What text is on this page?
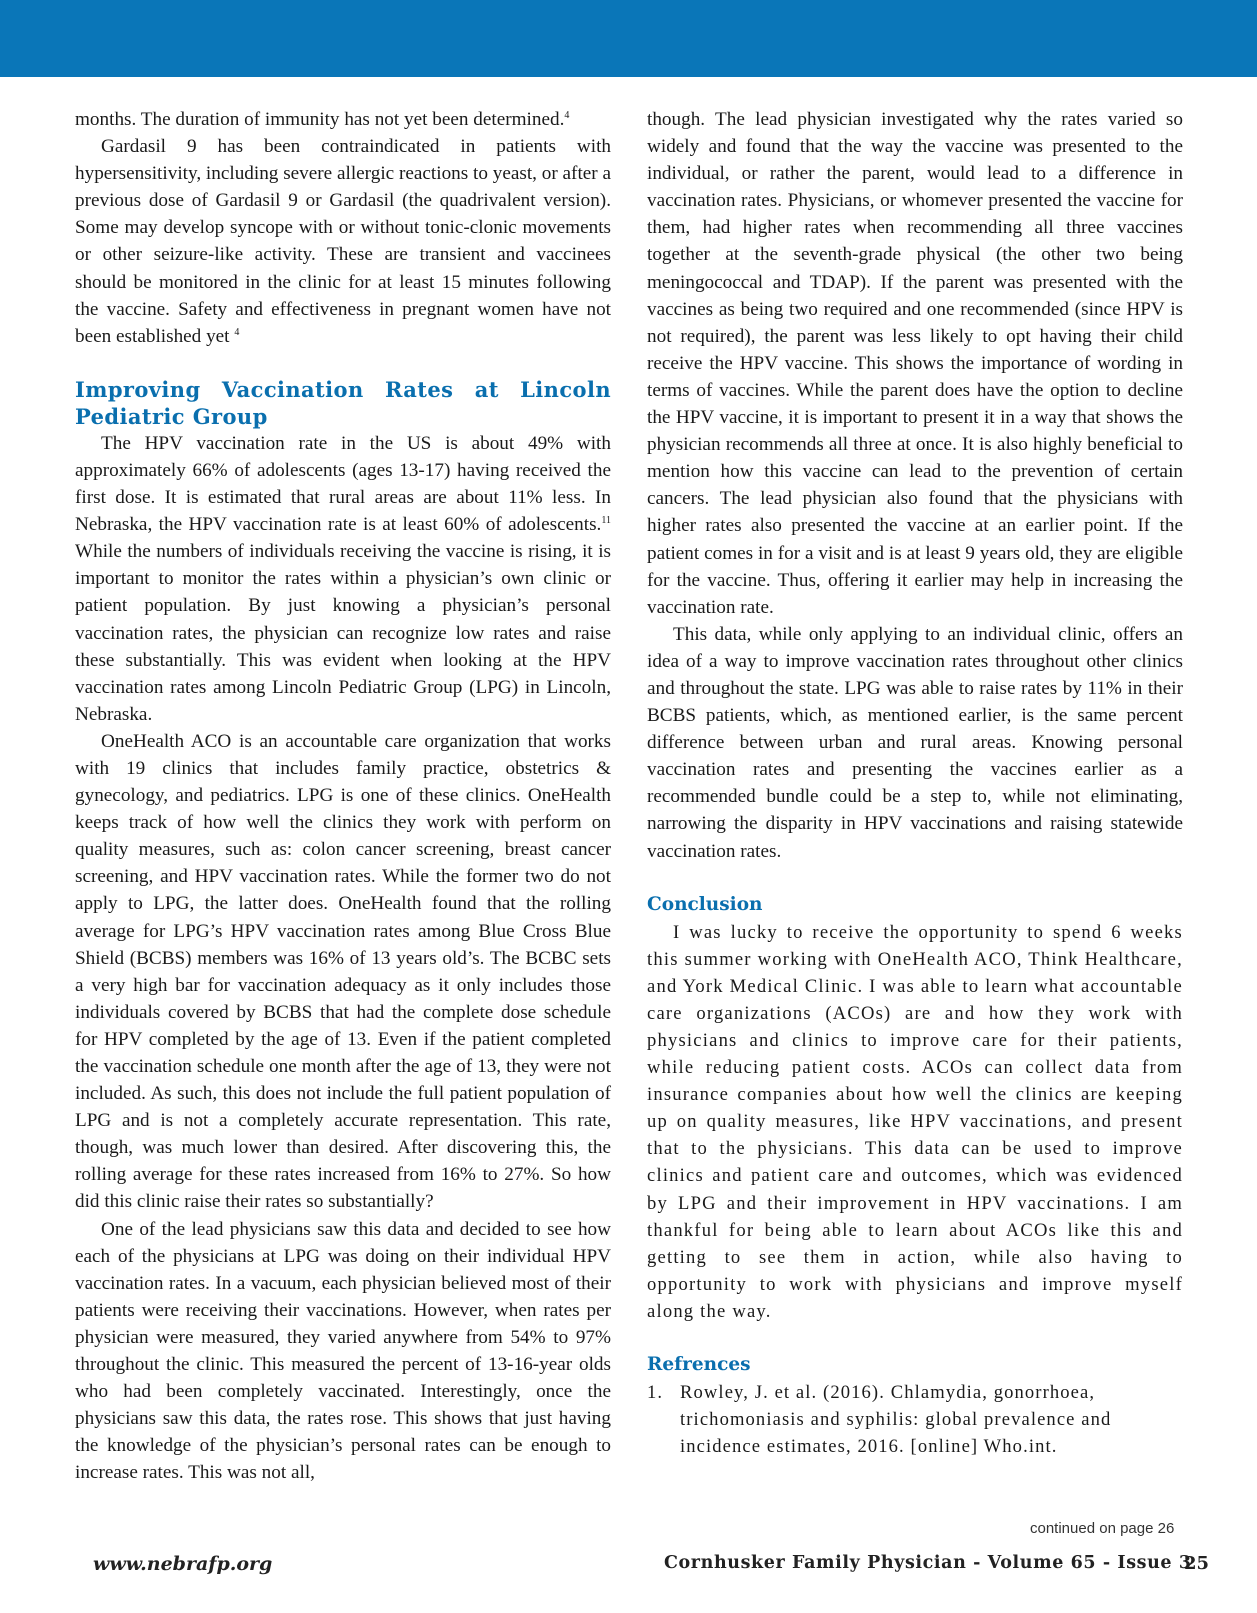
months. The duration of immunity has not yet been determined.$^4$

Gardasil 9 has been contraindicated in patients with hypersensitivity, including severe allergic reactions to yeast, or after a previous dose of Gardasil 9 or Gardasil (the quadrivalent version). Some may develop syncope with or without tonic-clonic movements or other seizure-like activity. These are transient and vaccinees should be monitored in the clinic for at least 15 minutes following the vaccine. Safety and effectiveness in pregnant women have not been established yet $^4$

Improving Vaccination Rates at Lincoln Pediatric Group

The HPV vaccination rate in the US is about 49% with approximately 66% of adolescents (ages 13-17) having received the first dose. It is estimated that rural areas are about 11% less. In Nebraska, the HPV vaccination rate is at least 60% of adolescents.$^{11}$ While the numbers of individuals receiving the vaccine is rising, it is important to monitor the rates within a physician’s own clinic or patient population. By just knowing a physician’s personal vaccination rates, the physician can recognize low rates and raise these substantially. This was evident when looking at the HPV vaccination rates among Lincoln Pediatric Group (LPG) in Lincoln, Nebraska.

OneHealth ACO is an accountable care organization that works with 19 clinics that includes family practice, obstetrics & gynecology, and pediatrics. LPG is one of these clinics. OneHealth keeps track of how well the clinics they work with perform on quality measures, such as: colon cancer screening, breast cancer screening, and HPV vaccination rates. While the former two do not apply to LPG, the latter does. OneHealth found that the rolling average for LPG’s HPV vaccination rates among Blue Cross Blue Shield (BCBS) members was 16% of 13 years old’s. The BCBC sets a very high bar for vaccination adequacy as it only includes those individuals covered by BCBS that had the complete dose schedule for HPV completed by the age of 13. Even if the patient completed the vaccination schedule one month after the age of 13, they were not included. As such, this does not include the full patient population of LPG and is not a completely accurate representation. This rate, though, was much lower than desired. After discovering this, the rolling average for these rates increased from 16% to 27%. So how did this clinic raise their rates so substantially?

One of the lead physicians saw this data and decided to see how each of the physicians at LPG was doing on their individual HPV vaccination rates. In a vacuum, each physician believed most of their patients were receiving their vaccinations. However, when rates per physician were measured, they varied anywhere from 54% to 97% throughout the clinic. This measured the percent of 13-16-year olds who had been completely vaccinated. Interestingly, once the physicians saw this data, the rates rose. This shows that just having the knowledge of the physician’s personal rates can be enough to increase rates. This was not all,

though. The lead physician investigated why the rates varied so widely and found that the way the vaccine was presented to the individual, or rather the parent, would lead to a difference in vaccination rates. Physicians, or whomever presented the vaccine for them, had higher rates when recommending all three vaccines together at the seventh-grade physical (the other two being meningococcal and TDAP). If the parent was presented with the vaccines as being two required and one recommended (since HPV is not required), the parent was less likely to opt having their child receive the HPV vaccine. This shows the importance of wording in terms of vaccines. While the parent does have the option to decline the HPV vaccine, it is important to present it in a way that shows the physician recommends all three at once. It is also highly beneficial to mention how this vaccine can lead to the prevention of certain cancers. The lead physician also found that the physicians with higher rates also presented the vaccine at an earlier point. If the patient comes in for a visit and is at least 9 years old, they are eligible for the vaccine. Thus, offering it earlier may help in increasing the vaccination rate.

This data, while only applying to an individual clinic, offers an idea of a way to improve vaccination rates throughout other clinics and throughout the state. LPG was able to raise rates by 11% in their BCBS patients, which, as mentioned earlier, is the same percent difference between urban and rural areas. Knowing personal vaccination rates and presenting the vaccines earlier as a recommended bundle could be a step to, while not eliminating, narrowing the disparity in HPV vaccinations and raising statewide vaccination rates.

Conclusion

I was lucky to receive the opportunity to spend 6 weeks this summer working with OneHealth ACO, Think Healthcare, and York Medical Clinic. I was able to learn what accountable care organizations (ACOs) are and how they work with physicians and clinics to improve care for their patients, while reducing patient costs. ACOs can collect data from insurance companies about how well the clinics are keeping up on quality measures, like HPV vaccinations, and present that to the physicians. This data can be used to improve clinics and patient care and outcomes, which was evidenced by LPG and their improvement in HPV vaccinations. I am thankful for being able to learn about ACOs like this and getting to see them in action, while also having to opportunity to work with physicians and improve myself along the way.

Refrences
1. Rowley, J. et al. (2016). Chlamydia, gonorrhoea, trichomoniasis and syphilis: global prevalence and incidence estimates, 2016. [online] Who.int.
continued on page 26
www.nebrafp.org	Cornhusker Family Physician - Volume 65 - Issue 3
25
